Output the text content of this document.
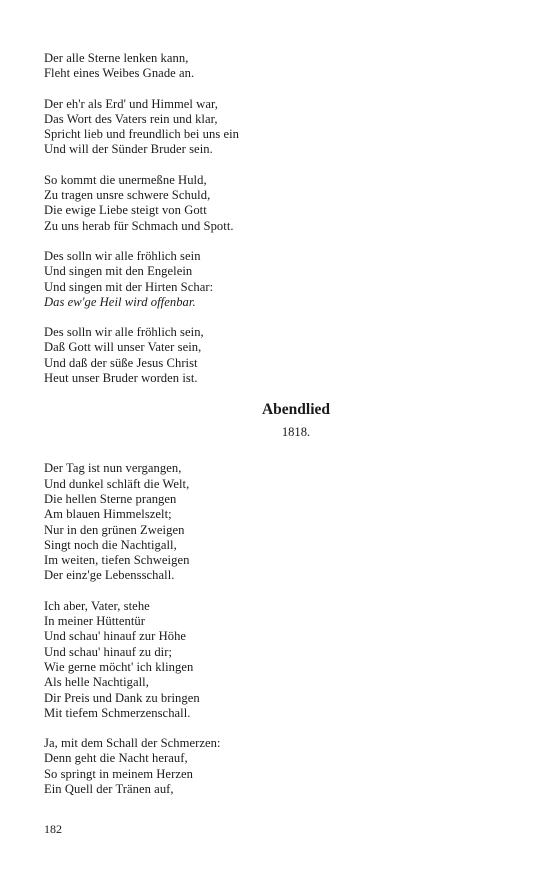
Der alle Sterne lenken kann,
Fleht eines Weibes Gnade an.
Der eh'r als Erd' und Himmel war,
Das Wort des Vaters rein und klar,
Spricht lieb und freundlich bei uns ein
Und will der Sünder Bruder sein.
So kommt die unermeßne Huld,
Zu tragen unsre schwere Schuld,
Die ewige Liebe steigt von Gott
Zu uns herab für Schmach und Spott.
Des solln wir alle fröhlich sein
Und singen mit den Engelein
Und singen mit der Hirten Schar:
Das ew'ge Heil wird offenbar.
Des solln wir alle fröhlich sein,
Daß Gott will unser Vater sein,
Und daß der süße Jesus Christ
Heut unser Bruder worden ist.
Abendlied
1818.
Der Tag ist nun vergangen,
Und dunkel schläft die Welt,
Die hellen Sterne prangen
Am blauen Himmelszelt;
Nur in den grünen Zweigen
Singt noch die Nachtigall,
Im weiten, tiefen Schweigen
Der einz'ge Lebensschall.
Ich aber, Vater, stehe
In meiner Hüttentür
Und schau' hinauf zur Höhe
Und schau' hinauf zu dir;
Wie gerne möcht' ich klingen
Als helle Nachtigall,
Dir Preis und Dank zu bringen
Mit tiefem Schmerzenschall.
Ja, mit dem Schall der Schmerzen:
Denn geht die Nacht herauf,
So springt in meinem Herzen
Ein Quell der Tränen auf,
182
